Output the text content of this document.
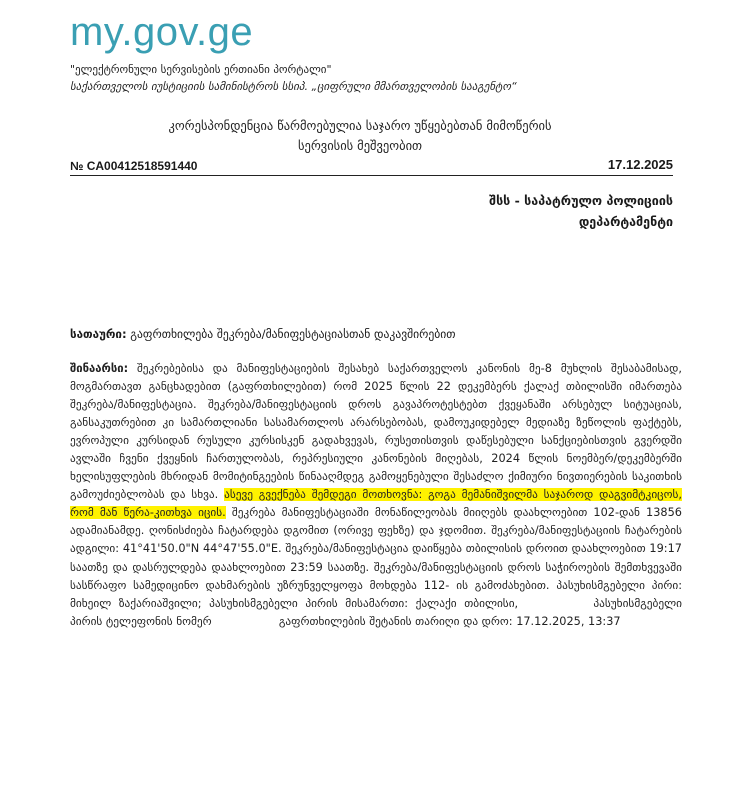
my.gov.ge
"ელექტრონული სერვისების ერთიანი პორტალი"
საქართველოს იუსტიციის სამინისტროს სსიპ. „ციფრული მმართველობის სააგენტო“
კორესპონდენცია წარმოებულია საჯარო უწყებებთან მიმოწერის სერვისის მეშვეობით
№ CA00412518591440	17.12.2025
შსს - საპატრულო პოლიციის
დეპარტამენტი
სათაური: გაფრთხილება შეკრება/მანიფესტაციასთან დაკავშირებით
შინაარსი: შეკრებებისა და მანიფესტაციების შესახებ საქართველოს კანონის მე-8 მუხლის შესაბამისად, მოგმართავთ განცხადებით (გაფრთხილებით) რომ 2025 წლის 22 დეკემბერს ქალაქ თბილისში იმართება შეკრება/მანიფესტაცია. შეკრება/მანიფესტაციის დროს გავაპროტესტებთ ქვეყანაში არსებულ სიტუაციას, განსაკუთრებით კი სამართლიანი სასამართლოს არარსებობას, დამოუკიდებელ მედიაზე ზეწოლის ფაქტებს, ევროპული კურსიდან რუსული კურსისკენ გადახვევას, რუსეთისთვის დაწესებული სანქციებისთვის გვერდში ავლაში ჩვენი ქვეყნის ჩართულობას, რეპრესიული კანონების მიღებას, 2024 წლის ნოემბერ/დეკემბერში ხელისუფლების მხრიდან მომიტინგეების წინააღმდეგ გამოყენებული შესაძლო ქიმიური ნივთიერების საკითხის გამოუძიებლობას და სხვა. ასევე გვექნება შემდეგი მოთხოვნა: გოგა მემანიშვილმა საჯაროდ დაგვიმტკიცოს, რომ მან წერა-კითხვა იცის. შეკრება მანიფესტაციაში მონაწილეობას მიიღებს დაახლოებით 102-დან 13856 ადამიანამდე. ღონისძიება ჩატარდება დგომით (ორივე ფეხზე) და ჯდომით. შეკრება/მანიფესტაციის ჩატარების ადგილი: 41°41'50.0"N 44°47'55.0"E. შეკრება/მანიფესტაცია დაიწყება თბილისის დროით დაახლოებით 19:17 საათზე და დასრულდება დაახლოებით 23:59 საათზე. შეკრება/მანიფესტაციის დროს საჭიროების შემთხვევაში სასწრაფო სამედიცინო დახმარების უზრუნველყოფა მოხდება 112- ის გამოძახებით. პასუხისმგებელი პირი: მიხეილ ზაქარიაშვილი; პასუხისმგებელი პირის მისამართი: ქალაქი თბილისი,	პასუხისმგებელი პირის ტელეფონის ნომერ	გაფრთხილების შეტანის თარიღი და დრო: 17.12.2025, 13:37
